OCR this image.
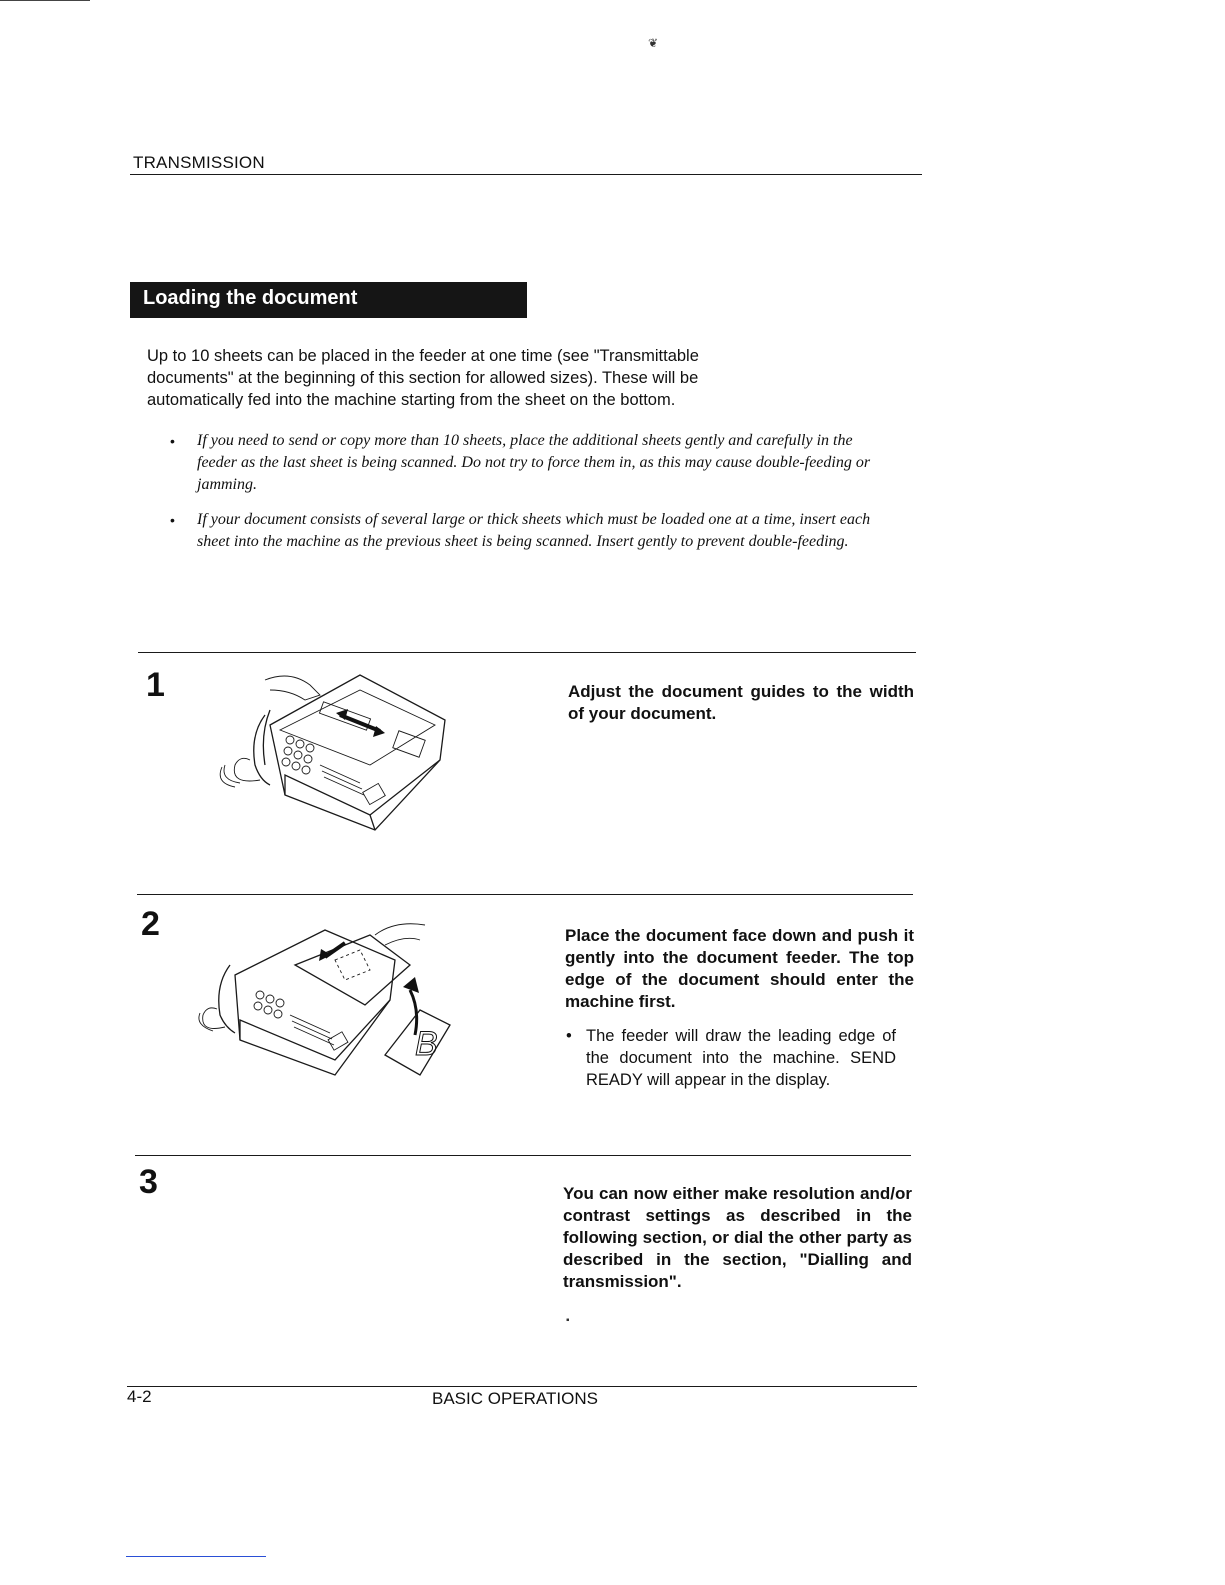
❦
TRANSMISSION
Loading the document
Up to 10 sheets can be placed in the feeder at one time (see "Transmittable documents" at the beginning of this section for allowed sizes). These will be automatically fed into the machine starting from the sheet on the bottom.
• If you need to send or copy more than 10 sheets, place the additional sheets gently and carefully in the feeder as the last sheet is being scanned. Do not try to force them in, as this may cause double-feeding or jamming.
• If your document consists of several large or thick sheets which must be loaded one at a time, insert each sheet into the machine as the previous sheet is being scanned. Insert gently to prevent double-feeding.
1	Adjust the document guides to the width of your document.
2
B
Place the document face down and push it gently into the document feeder. The top edge of the document should enter the machine first.
• The feeder will draw the leading edge of the document into the machine. SEND READY will appear in the display.
3	You can now either make resolution and/or contrast settings as described in the following section, or dial the other party as described in the section, "Dialling and transmission".
▪
4-2	BASIC OPERATIONS
